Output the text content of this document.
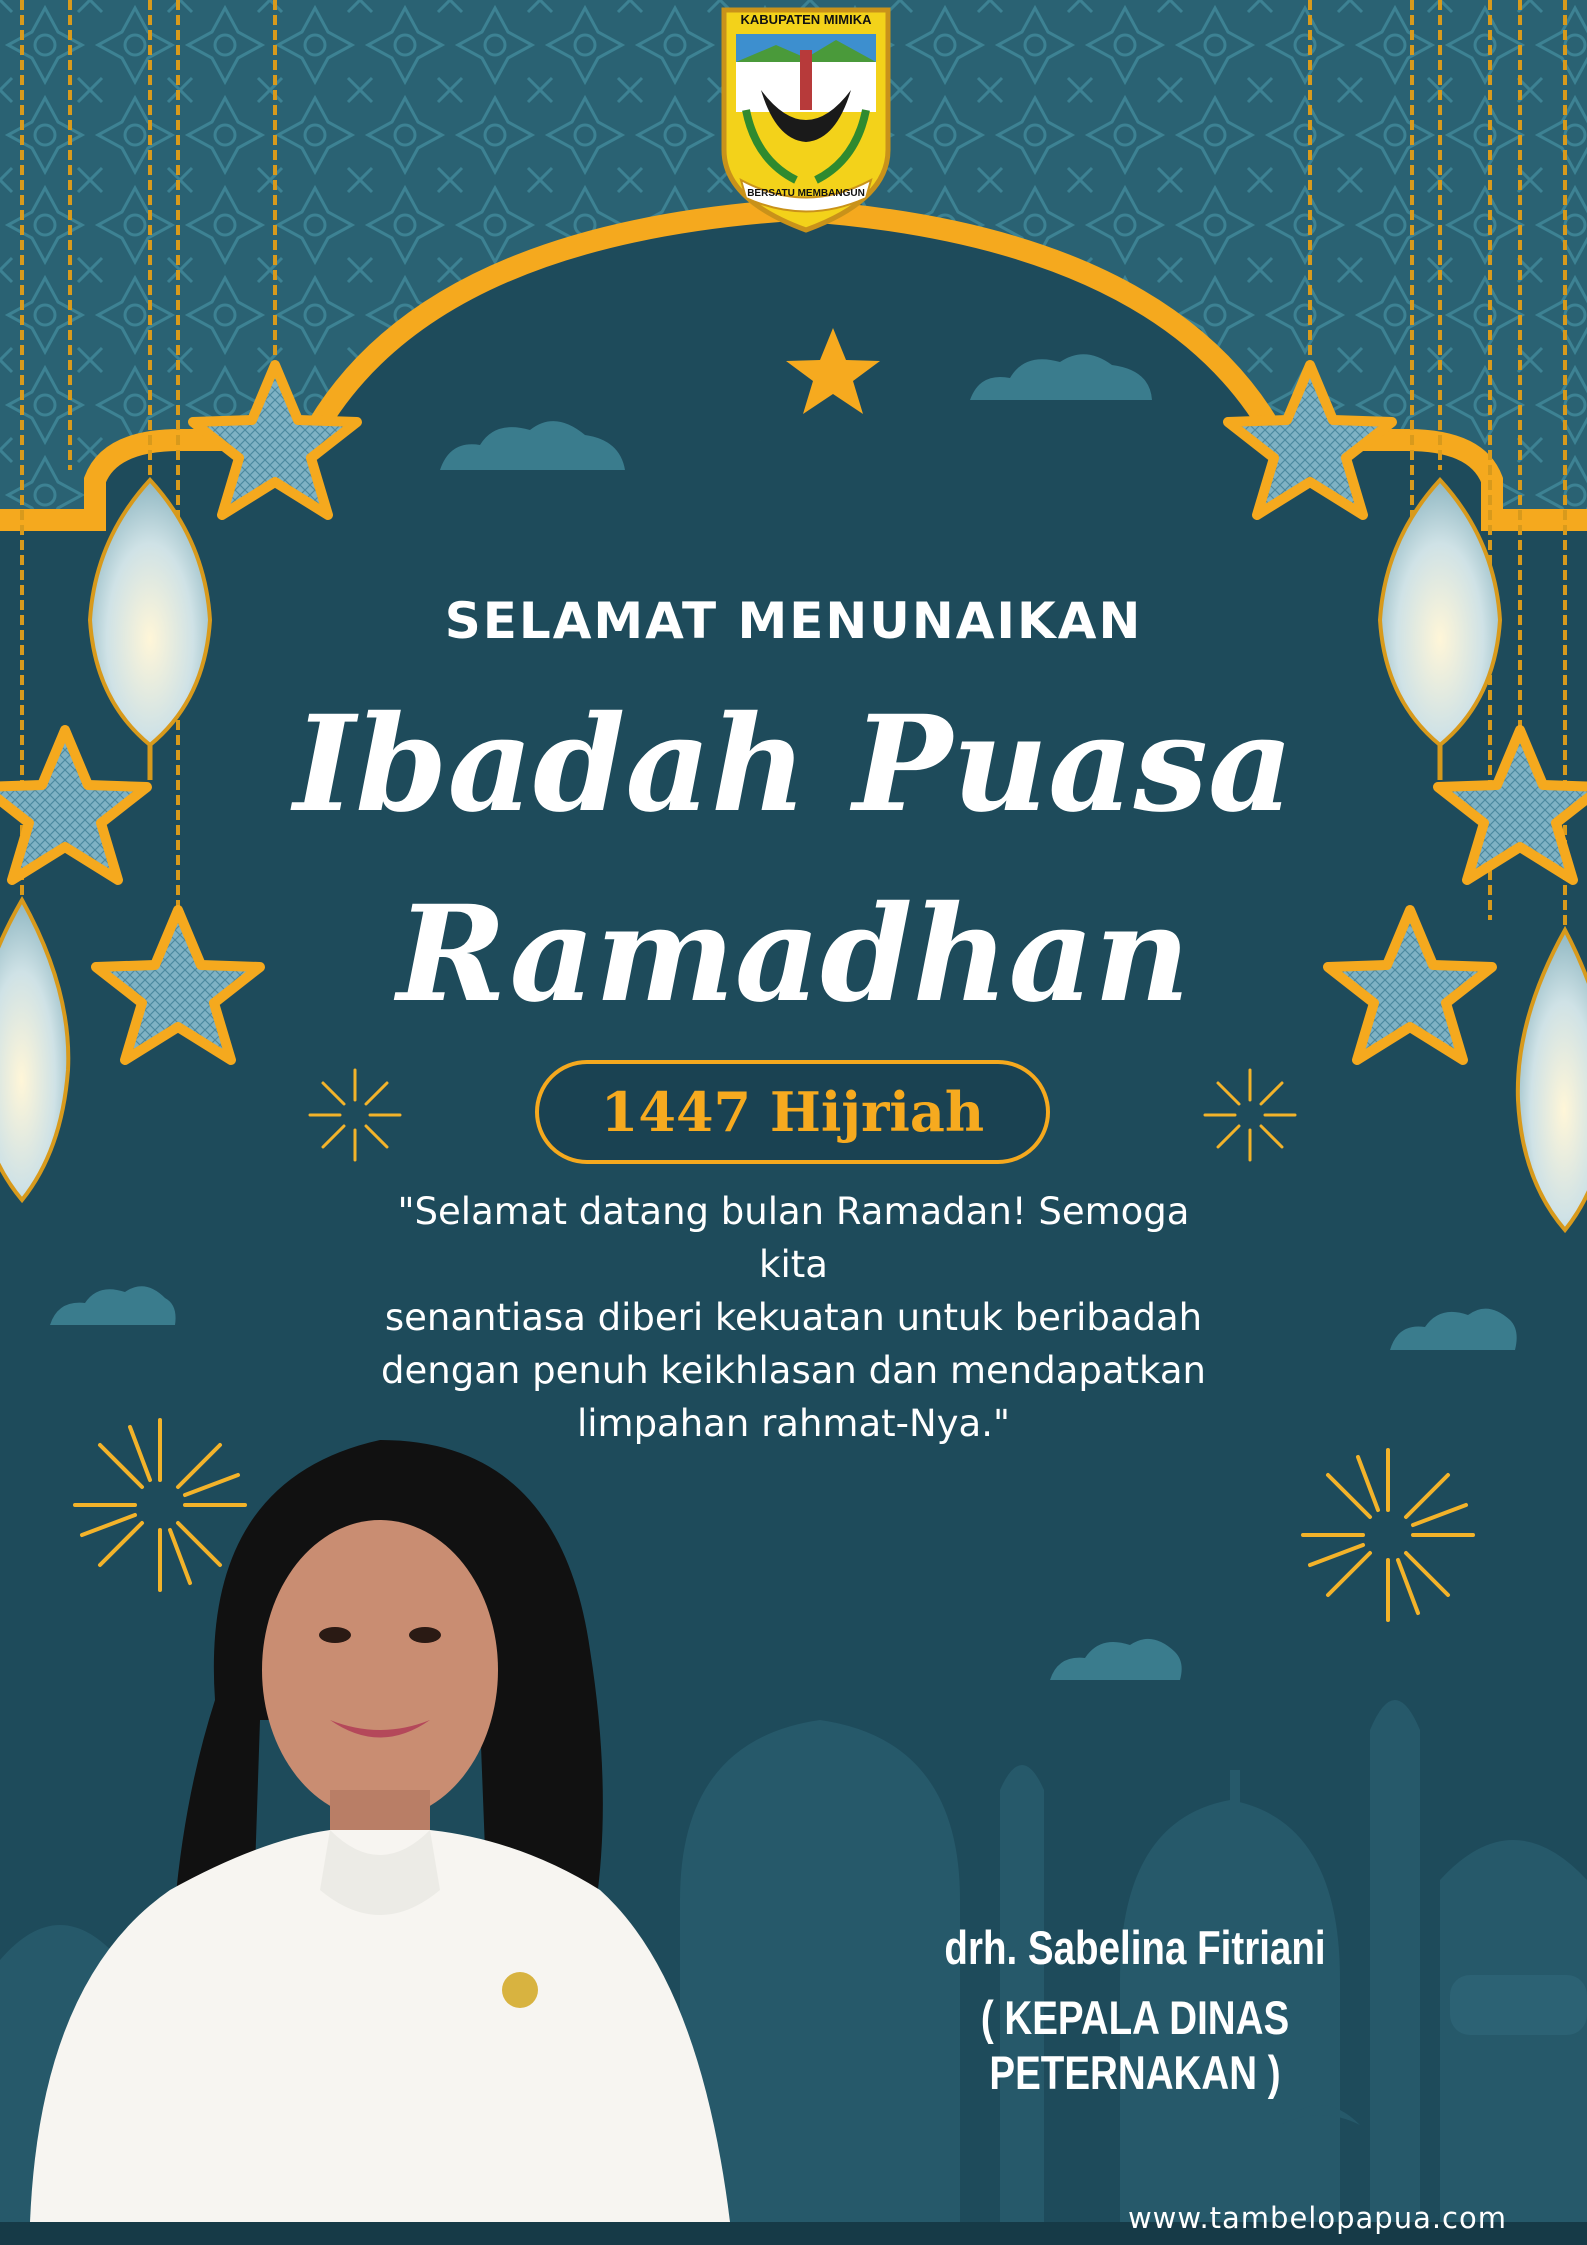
KABUPATEN MIMIKA
BERSATU MEMBANGUN
SELAMAT MENUNAIKAN
Ibadah Puasa
Ramadhan
1447 Hijriah
"Selamat datang bulan Ramadan! Semoga kita
senantiasa diberi kekuatan untuk beribadah
dengan penuh keikhlasan dan mendapatkan
limpahan rahmat-Nya."
drh. Sabelina Fitriani
( KEPALA DINAS PETERNAKAN )
www.tambelopapua.com
